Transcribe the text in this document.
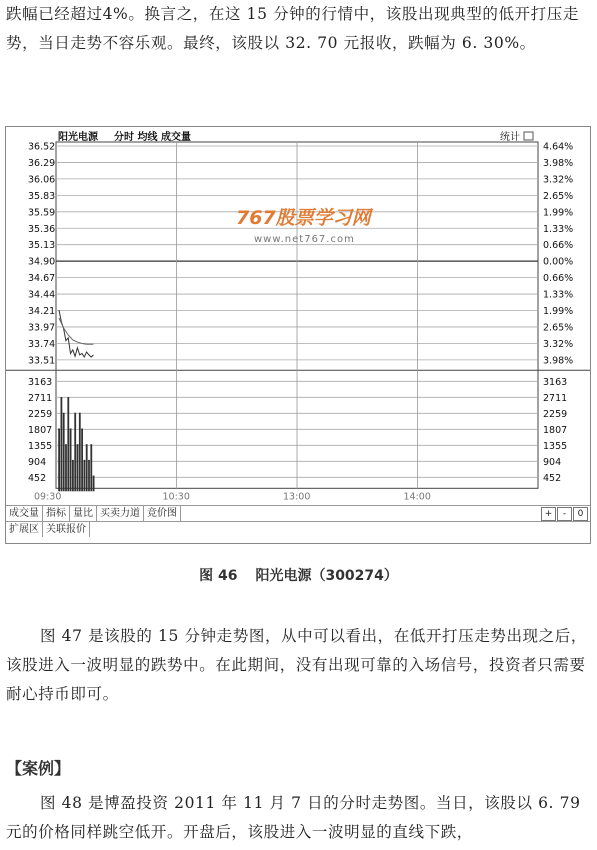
跌幅已经超过4%。换言之，在这 15 分钟的行情中，该股出现典型的低开打压走势，当日走势不容乐观。最终，该股以 32. 70 元报收，跌幅为 6. 30%。

阳光电源 分时 均线 成交量	统计
36.52	4.64%
36.29	3.98%
36.06	3.32%
35.83	2.65%
35.59	1.99%
35.36	1.33%
35.13	0.66%
34.90	0.00%
34.67	0.66%
34.44	1.33%
34.21	1.99%
33.97	2.65%
33.74	3.32%
33.51	3.98%
3163	3163
2711	2711
2259	2259
1807	1807
1355	1355
904	904
452	452
09:30	10:30	13:00	14:00
767股票学习网
www.net767.com
成交量 指标 量比 买卖力道 竞价图	+	-	0
扩展区 关联报价
图 46 阳光电源（300274）

图 47 是该股的 15 分钟走势图，从中可以看出，在低开打压走势出现之后，该股进入一波明显的跌势中。在此期间，没有出现可靠的入场信号，投资者只需要耐心持币即可。

【案例】

图 48 是博盈投资 2011 年 11 月 7 日的分时走势图。当日，该股以 6. 79 元的价格同样跳空低开。开盘后，该股进入一波明显的直线下跌，
